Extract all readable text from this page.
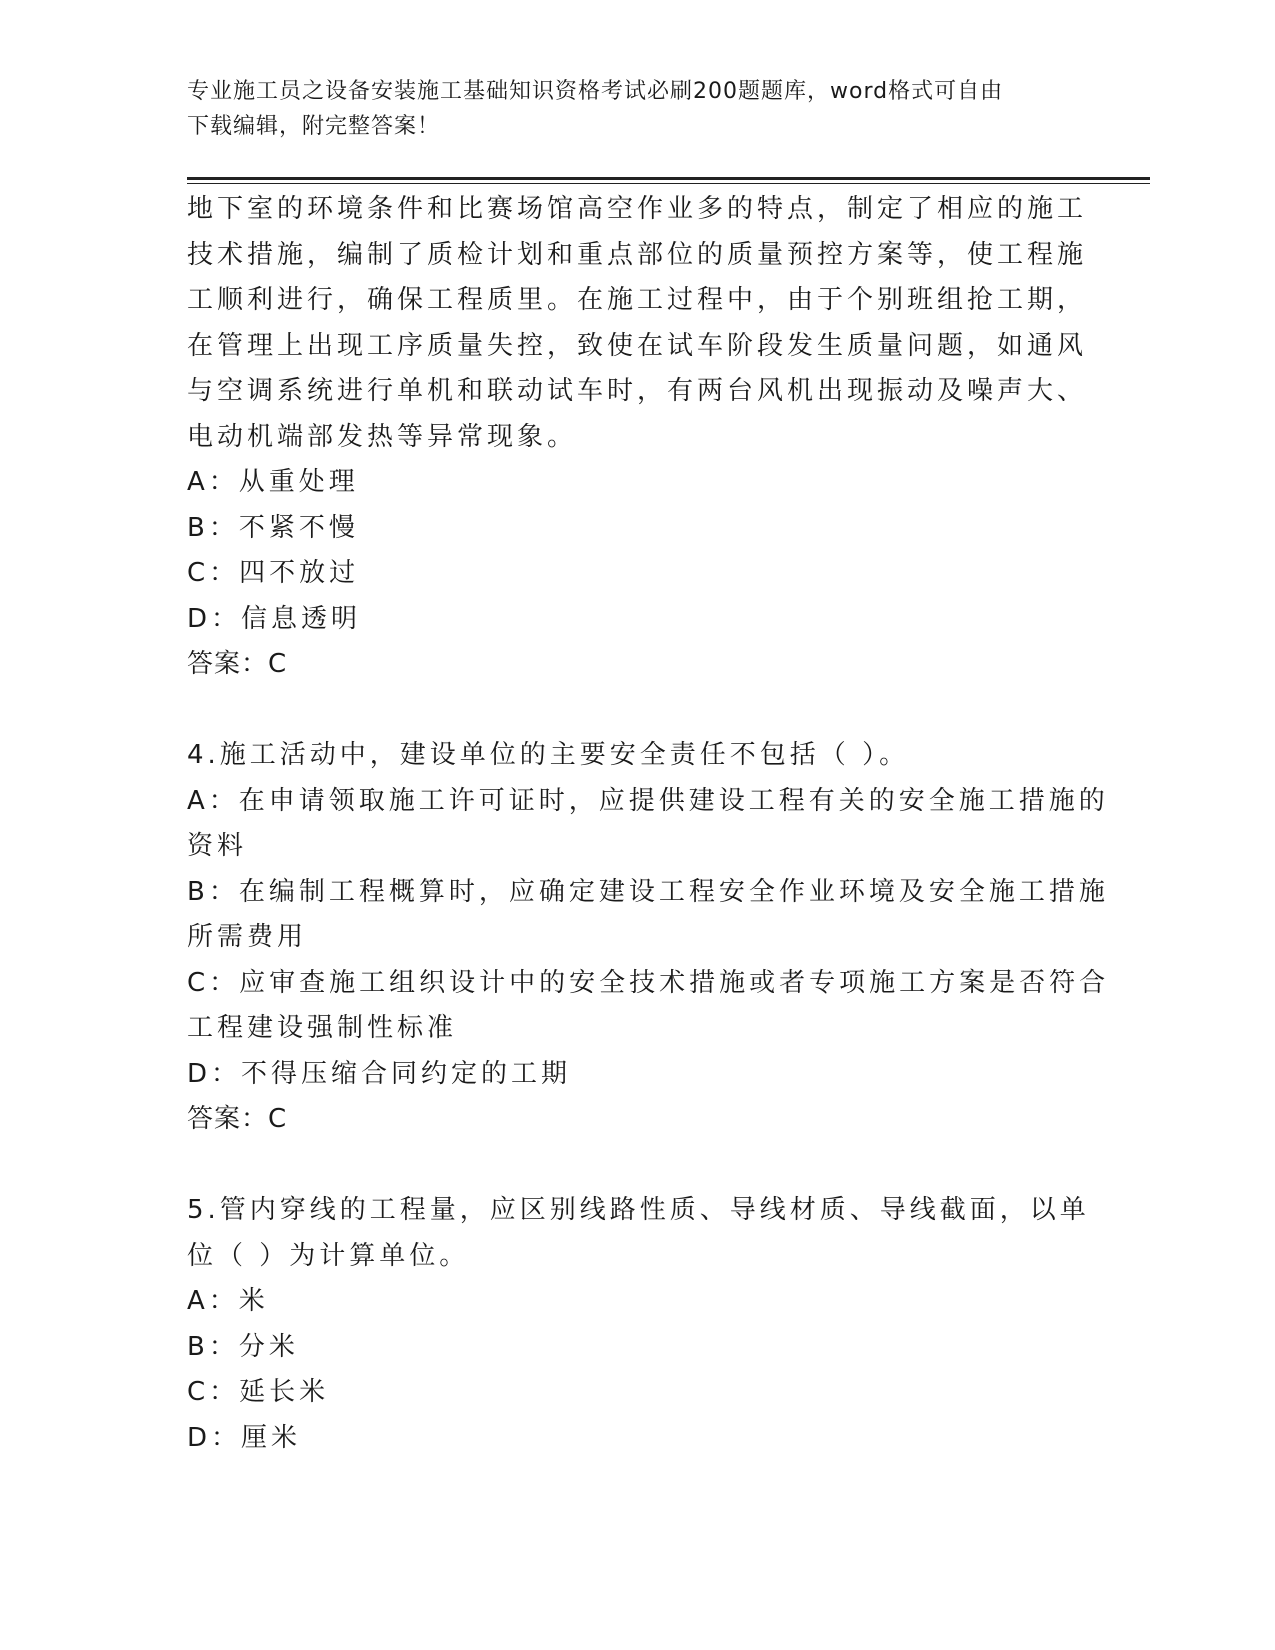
专业施工员之设备安装施工基础知识资格考试必刷200题题库，word格式可自由
下载编辑，附完整答案！
地下室的环境条件和比赛场馆高空作业多的特点，制定了相应的施工
技术措施，编制了质检计划和重点部位的质量预控方案等，使工程施
工顺利进行，确保工程质里。在施工过程中，由于个别班组抢工期，
在管理上出现工序质量失控，致使在试车阶段发生质量问题，如通风
与空调系统进行单机和联动试车时，有两台风机出现振动及噪声大、
电动机端部发热等异常现象。
A：从重处理
B：不紧不慢
C：四不放过
D：信息透明
答案：C
4.施工活动中，建设单位的主要安全责任不包括（ ）。
A：在申请领取施工许可证时，应提供建设工程有关的安全施工措施的
资料
B：在编制工程概算时，应确定建设工程安全作业环境及安全施工措施
所需费用
C：应审查施工组织设计中的安全技术措施或者专项施工方案是否符合
工程建设强制性标准
D：不得压缩合同约定的工期
答案：C
5.管内穿线的工程量，应区别线路性质、导线材质、导线截面，以单
位（ ）为计算单位。
A：米
B：分米
C：延长米
D：厘米
